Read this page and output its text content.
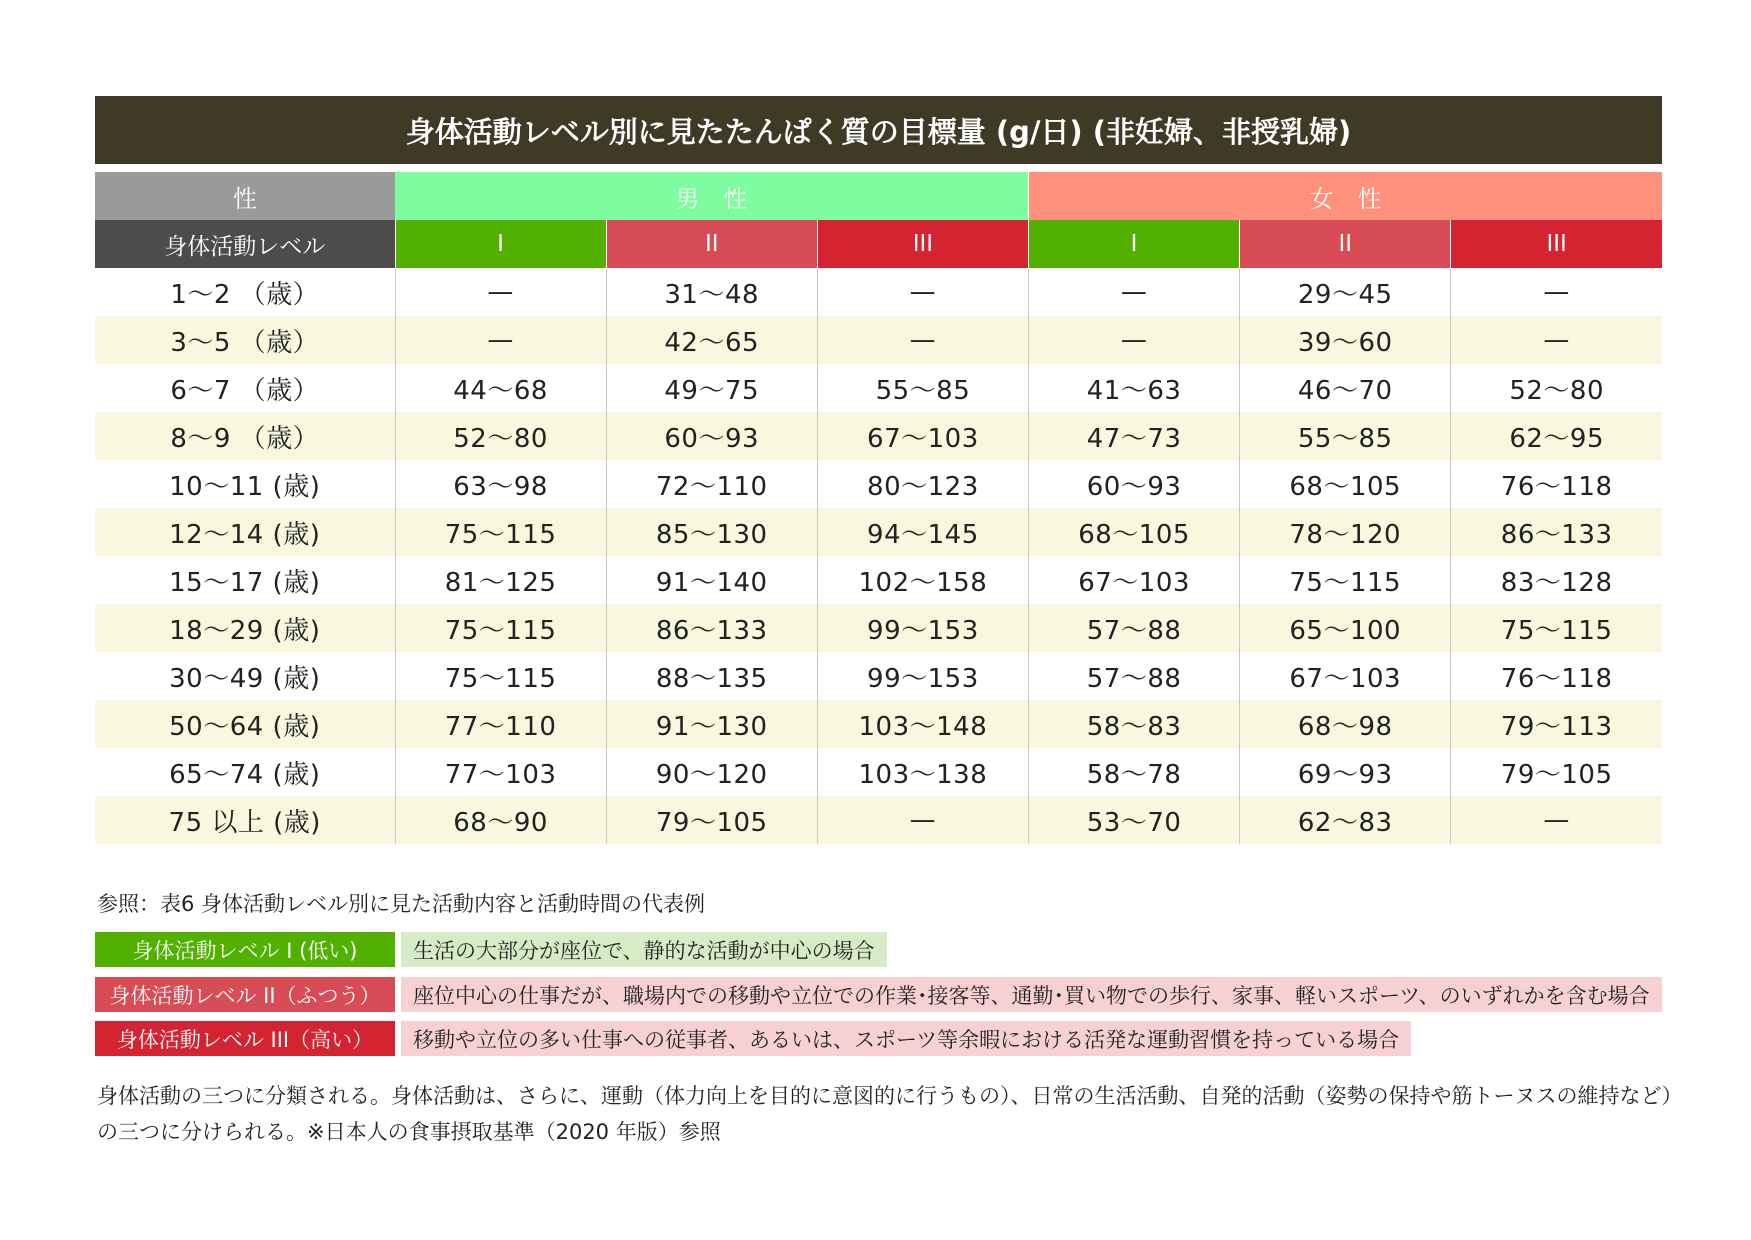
身体活動レベル別に見たたんぱく質の目標量 (g/日) (非妊婦、非授乳婦)
性	男　性			女　性		
身体活動レベル	I	II	III	I	II	III
1～2 （歳）	—	31～48	—	—	29～45	—
3～5 （歳）	—	42～65	—	—	39～60	—
6～7 （歳）	44～68	49～75	55～85	41～63	46～70	52～80
8～9 （歳）	52～80	60～93	67～103	47～73	55～85	62～95
10～11 (歳)	63～98	72～110	80～123	60～93	68～105	76～118
12～14 (歳)	75～115	85～130	94～145	68～105	78～120	86～133
15～17 (歳)	81～125	91～140	102～158	67～103	75～115	83～128
18～29 (歳)	75～115	86～133	99～153	57～88	65～100	75～115
30～49 (歳)	75～115	88～135	99～153	57～88	67～103	76～118
50～64 (歳)	77～110	91～130	103～148	58～83	68～98	79～113
65～74 (歳)	77～103	90～120	103～138	58～78	69～93	79～105
75 以上 (歳)	68～90	79～105	—	53～70	62～83	—
参照：表6 身体活動レベル別に見た活動内容と活動時間の代表例
身体活動レベル I (低い)	生活の大部分が座位で、静的な活動が中心の場合
身体活動レベル II（ふつう）	座位中心の仕事だが、職場内での移動や立位での作業･接客等、通勤･買い物での歩行、家事、軽いスポーツ、のいずれかを含む場合
身体活動レベル III（高い）	移動や立位の多い仕事への従事者、あるいは、スポーツ等余暇における活発な運動習慣を持っている場合
身体活動の三つに分類される。身体活動は、さらに、運動（体力向上を目的に意図的に行うもの）、日常の生活活動、自発的活動（姿勢の保持や筋トーヌスの維持など）の三つに分けられる。※日本人の食事摂取基準（2020 年版）参照
